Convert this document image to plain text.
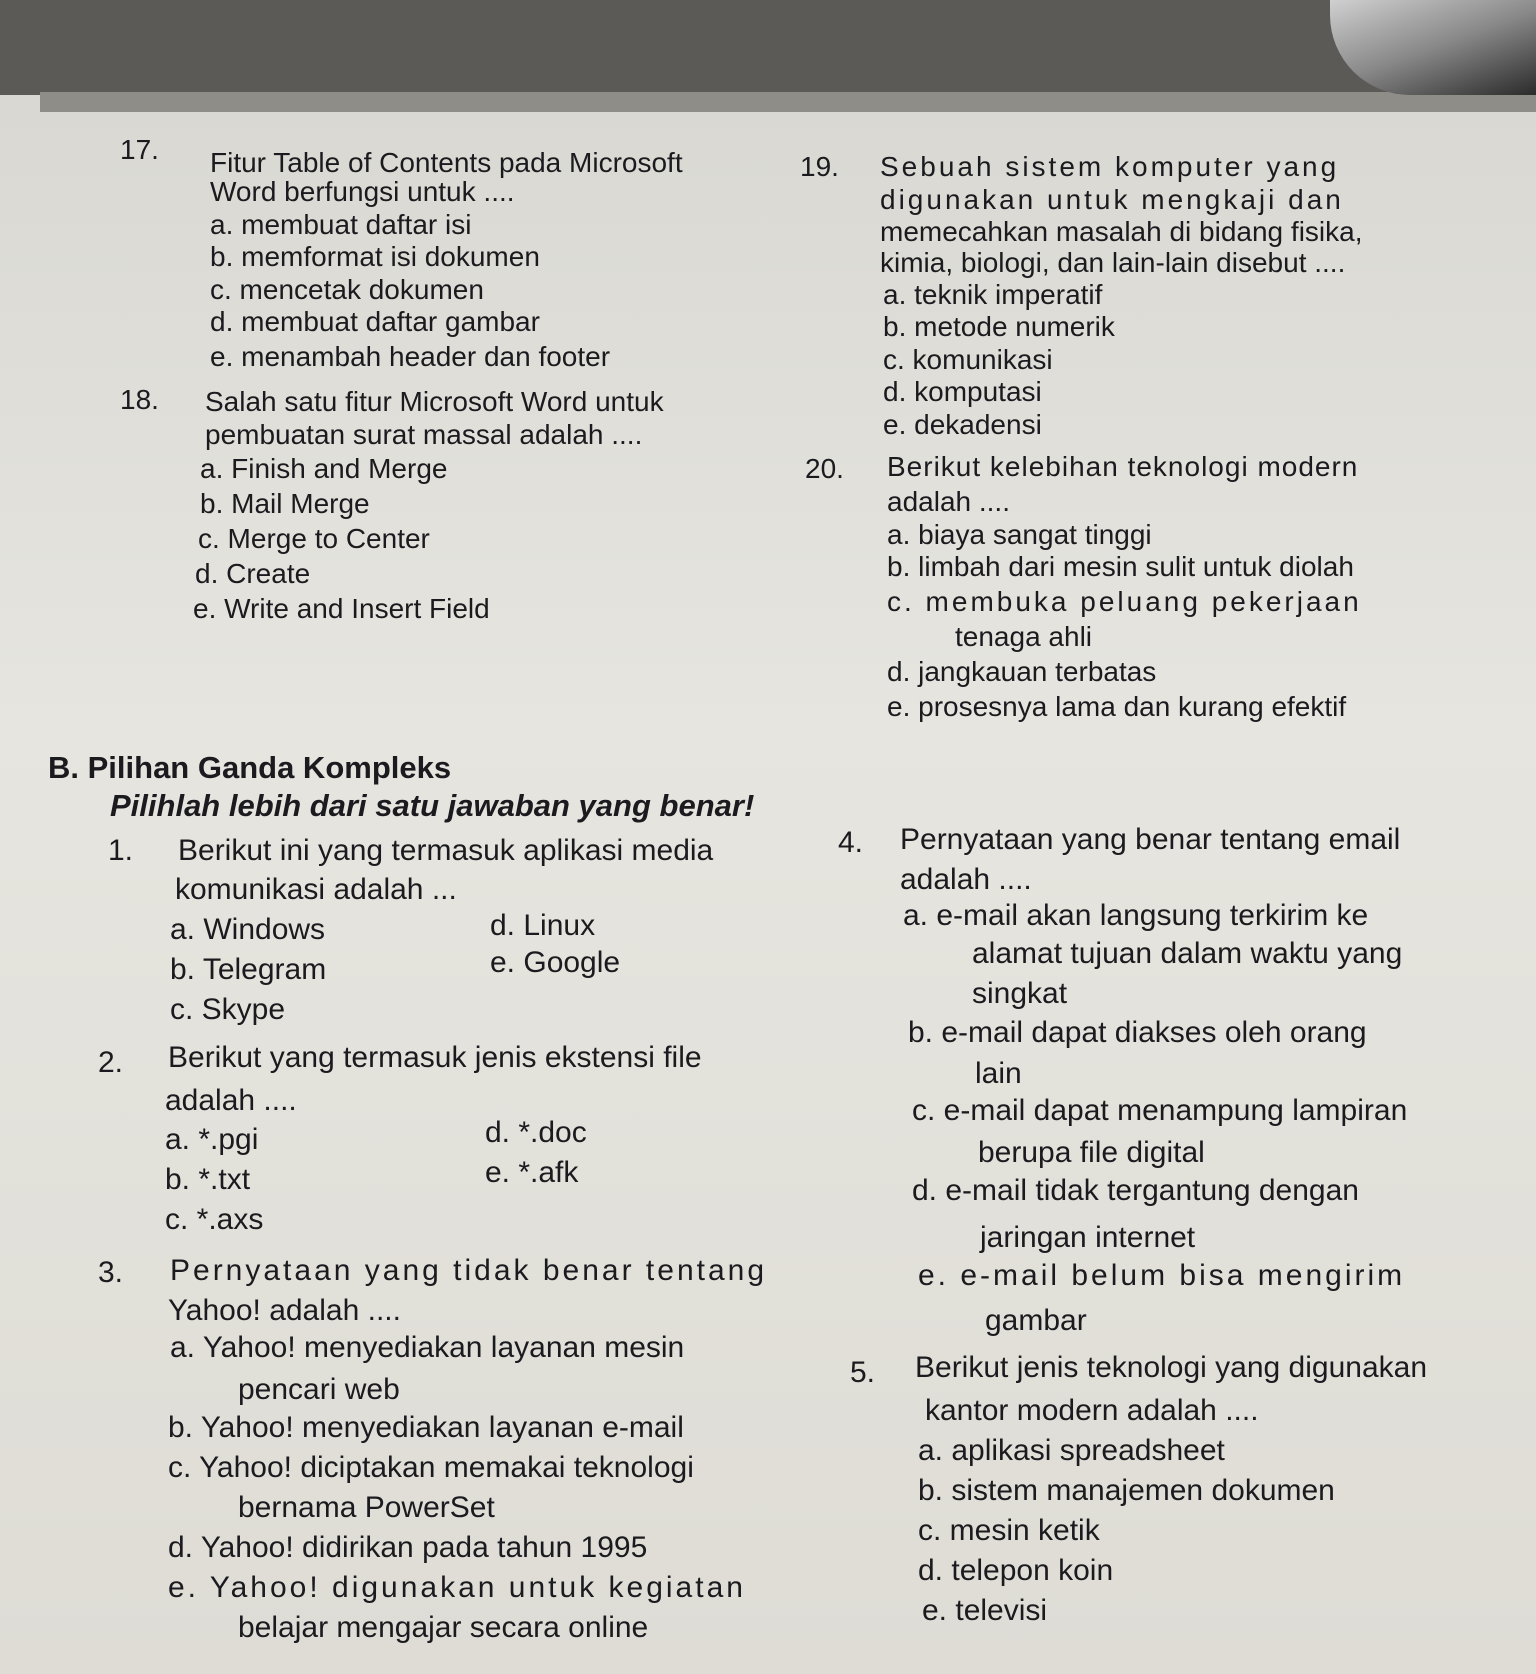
17. Fitur Table of Contents pada Microsoft
Word berfungsi untuk ....
a. membuat daftar isi
b. memformat isi dokumen
c. mencetak dokumen
d. membuat daftar gambar
e. menambah header dan footer
18. Salah satu fitur Microsoft Word untuk
pembuatan surat massal adalah ....
a. Finish and Merge
b. Mail Merge
c. Merge to Center
d. Create
e. Write and Insert Field
19. Sebuah sistem komputer yang
digunakan untuk mengkaji dan
memecahkan masalah di bidang fisika,
kimia, biologi, dan lain-lain disebut ....
a. teknik imperatif
b. metode numerik
c. komunikasi
d. komputasi
e. dekadensi
20. Berikut kelebihan teknologi modern
adalah ....
a. biaya sangat tinggi
b. limbah dari mesin sulit untuk diolah
c. membuka peluang pekerjaan
tenaga ahli
d. jangkauan terbatas
e. prosesnya lama dan kurang efektif
B. Pilihan Ganda Kompleks
Pilihlah lebih dari satu jawaban yang benar!
1. Berikut ini yang termasuk aplikasi media
komunikasi adalah ...
a. Windows
b. Telegram
c. Skype
d. Linux
e. Google
2. Berikut yang termasuk jenis ekstensi file
adalah ....
a. *.pgi
b. *.txt
c. *.axs
d. *.doc
e. *.afk
3. Pernyataan yang tidak benar tentang
Yahoo! adalah ....
a. Yahoo! menyediakan layanan mesin
pencari web
b. Yahoo! menyediakan layanan e-mail
c. Yahoo! diciptakan memakai teknologi
bernama PowerSet
d. Yahoo! didirikan pada tahun 1995
e. Yahoo! digunakan untuk kegiatan
belajar mengajar secara online
4. Pernyataan yang benar tentang email
adalah ....
a. e-mail akan langsung terkirim ke
alamat tujuan dalam waktu yang
singkat
b. e-mail dapat diakses oleh orang
lain
c. e-mail dapat menampung lampiran
berupa file digital
d. e-mail tidak tergantung dengan
jaringan internet
e. e-mail belum bisa mengirim
gambar
5. Berikut jenis teknologi yang digunakan
kantor modern adalah ....
a. aplikasi spreadsheet
b. sistem manajemen dokumen
c. mesin ketik
d. telepon koin
e. televisi
